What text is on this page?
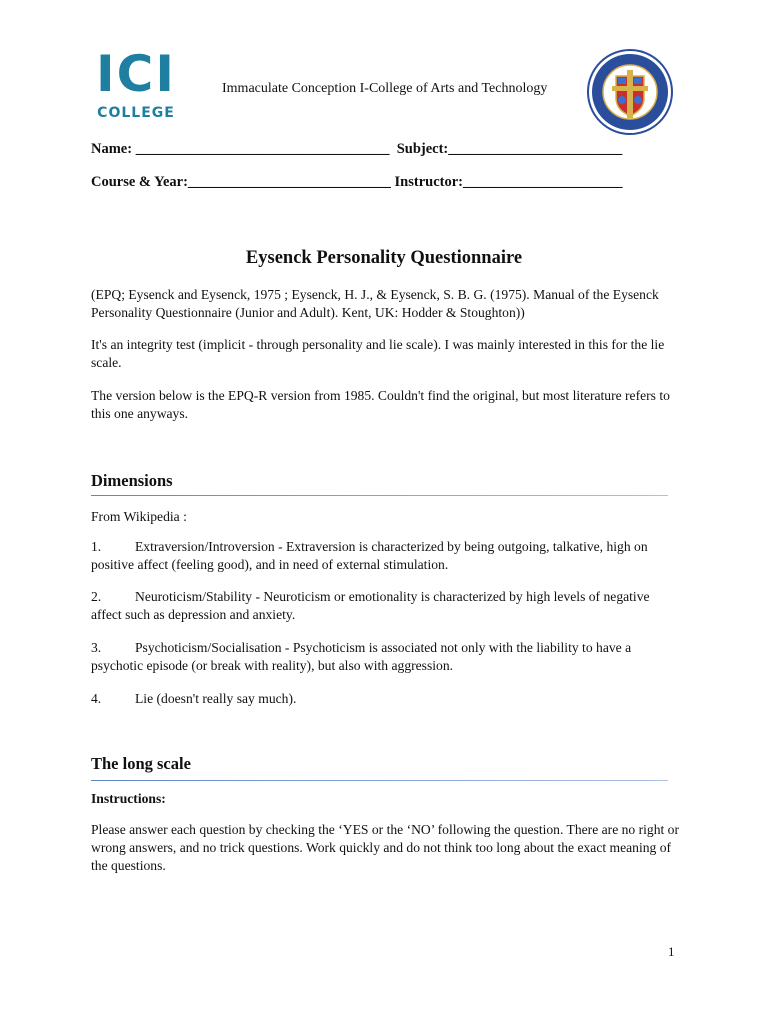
ICI
COLLEGE
Immaculate Conception I-College of Arts and Technology
Name: ___________________________________  Subject:________________________
Course & Year:____________________________ Instructor:______________________
Eysenck Personality Questionnaire
(EPQ; Eysenck and Eysenck, 1975 ; Eysenck, H. J., & Eysenck, S. B. G. (1975). Manual of the Eysenck Personality Questionnaire (Junior and Adult). Kent, UK: Hodder & Stoughton))
It's an integrity test (implicit - through personality and lie scale). I was mainly interested in this for the lie scale.
The version below is the EPQ-R version from 1985. Couldn't find the original, but most literature refers to this one anyways.
Dimensions
From Wikipedia :
1. Extraversion/Introversion - Extraversion is characterized by being outgoing, talkative, high on positive affect (feeling good), and in need of external stimulation.
2. Neuroticism/Stability - Neuroticism or emotionality is characterized by high levels of negative affect such as depression and anxiety.
3. Psychoticism/Socialisation - Psychoticism is associated not only with the liability to have a psychotic episode (or break with reality), but also with aggression.
4. Lie (doesn't really say much).
The long scale
Instructions:
Please answer each question by checking the ‘YES or the ‘NO’ following the question. There are no right or wrong answers, and no trick questions. Work quickly and do not think too long about the exact meaning of the questions.
1
